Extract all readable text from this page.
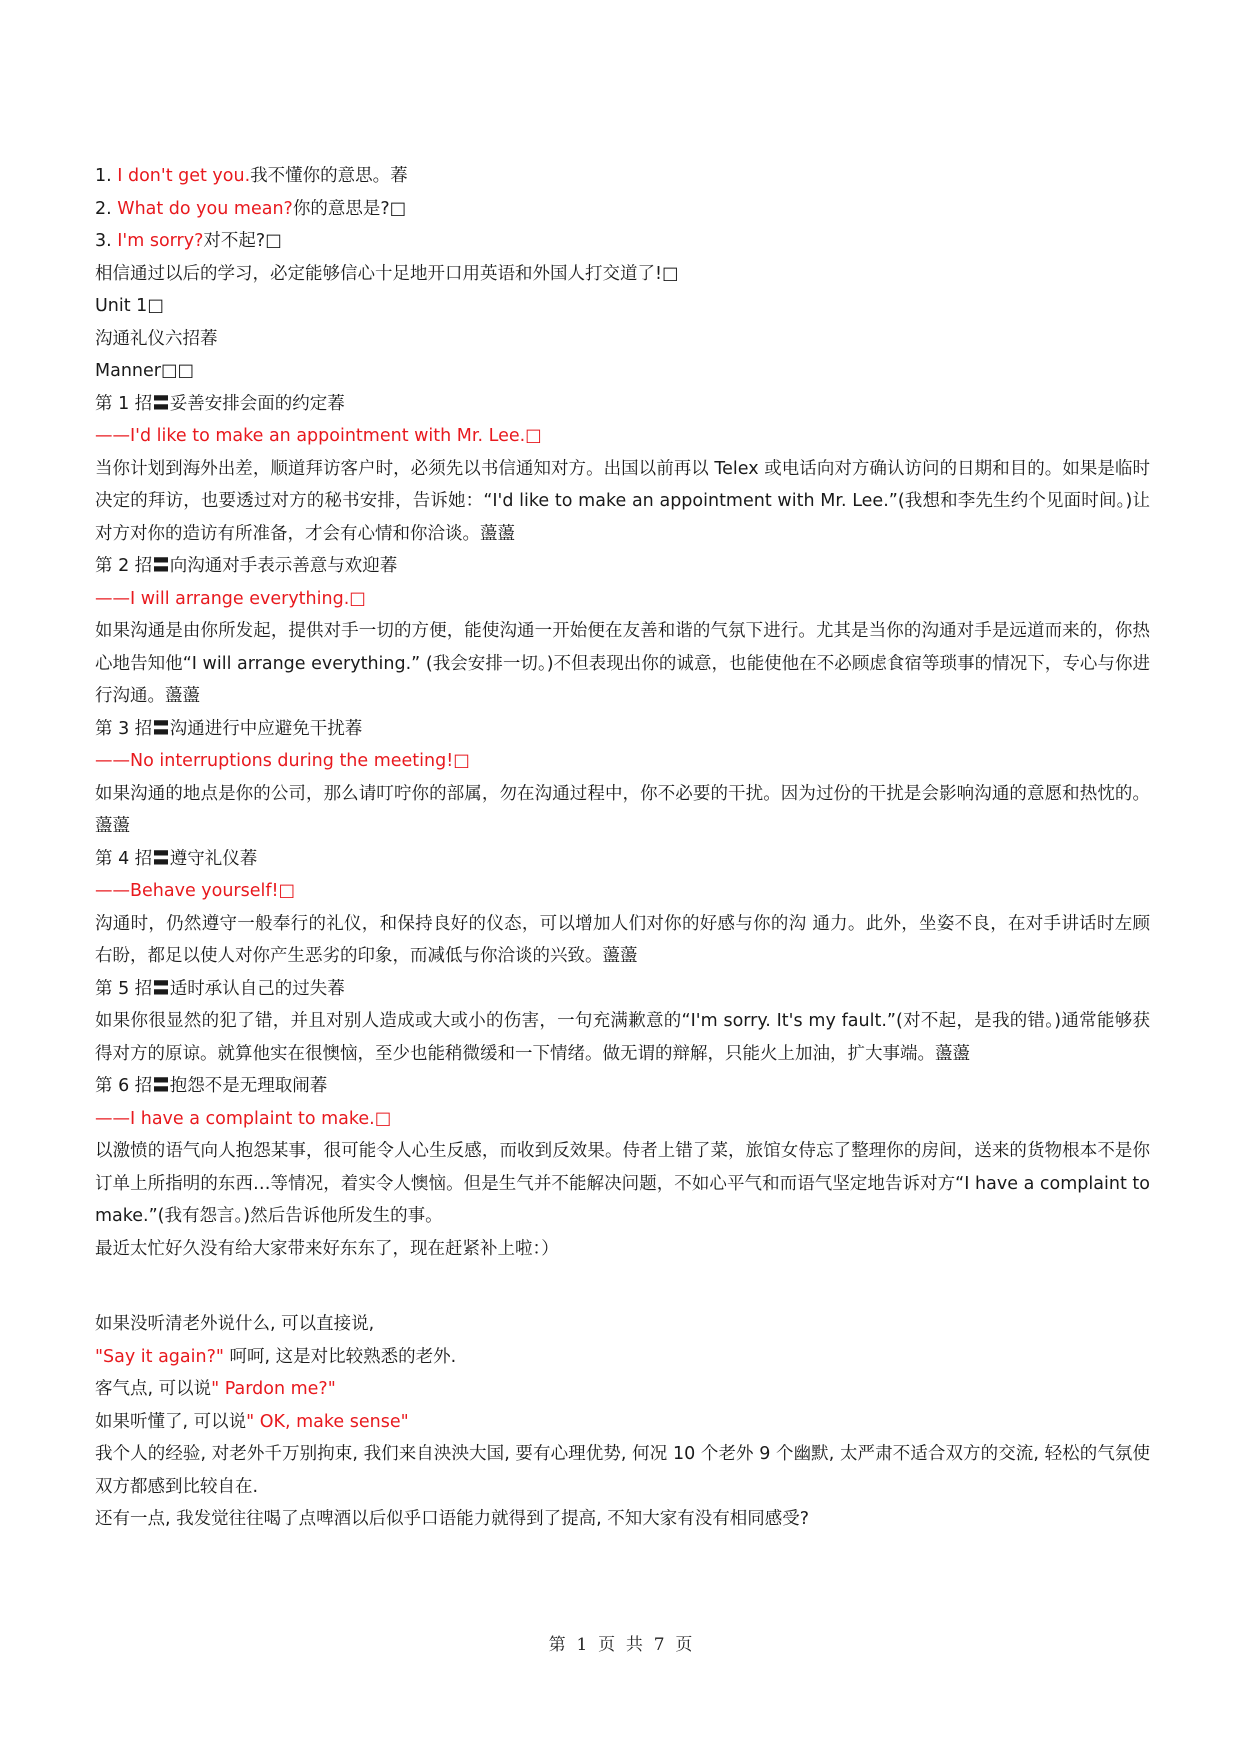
1. I don't get you.我不懂你的意思。萶
2. What do you mean?你的意思是?□
3. I'm sorry?对不起?□
相信通过以后的学习，必定能够信心十足地开口用英语和外国人打交道了!□
Unit 1□
沟通礼仪六招萶
Manner□□
第 1 招〓妥善安排会面的约定萶
——I'd like to make an appointment with Mr. Lee.□
当你计划到海外出差，顺道拜访客户时，必须先以书信通知对方。出国以前再以 Telex 或电话向对方确认访问的日期和目的。如果是临时决定的拜访，也要透过对方的秘书安排，告诉她：“I'd like to make an appointment with Mr. Lee.”(我想和李先生约个见面时间。)让对方对你的造访有所准备，才会有心情和你洽谈。蘯蘯
第 2 招〓向沟通对手表示善意与欢迎萶
——I will arrange everything.□
如果沟通是由你所发起，提供对手一切的方便，能使沟通一开始便在友善和谐的气氛下进行。尤其是当你的沟通对手是远道而来的，你热心地告知他“I will arrange everything.” (我会安排一切。)不但表现出你的诚意，也能使他在不必顾虑食宿等琐事的情况下，专心与你进行沟通。蘯蘯
第 3 招〓沟通进行中应避免干扰萶
——No interruptions during the meeting!□
如果沟通的地点是你的公司，那么请叮咛你的部属，勿在沟通过程中，你不必要的干扰。因为过份的干扰是会影响沟通的意愿和热忱的。蘯蘯
第 4 招〓遵守礼仪萶
——Behave yourself!□
沟通时，仍然遵守一般奉行的礼仪，和保持良好的仪态，可以增加人们对你的好感与你的沟 通力。此外，坐姿不良，在对手讲话时左顾右盼，都足以使人对你产生恶劣的印象，而减低与你洽谈的兴致。蘯蘯
第 5 招〓适时承认自己的过失萶
如果你很显然的犯了错，并且对别人造成或大或小的伤害，一句充满歉意的“I'm sorry. It's my fault.”(对不起，是我的错。)通常能够获得对方的原谅。就算他实在很懊恼，至少也能稍微缓和一下情绪。做无谓的辩解，只能火上加油，扩大事端。蘯蘯
第 6 招〓抱怨不是无理取闹萶
——I have a complaint to make.□
以激愤的语气向人抱怨某事，很可能令人心生反感，而收到反效果。侍者上错了菜，旅馆女侍忘了整理你的房间，送来的货物根本不是你订单上所指明的东西…等情况，着实令人懊恼。但是生气并不能解决问题，不如心平气和而语气坚定地告诉对方“I have a complaint to make.”(我有怨言。)然后告诉他所发生的事。
最近太忙好久没有给大家带来好东东了，现在赶紧补上啦：）
如果没听清老外说什么, 可以直接说,
"Say it again?" 呵呵, 这是对比较熟悉的老外.
客气点, 可以说" Pardon me?"
如果听懂了, 可以说" OK, make sense"
我个人的经验, 对老外千万别拘束, 我们来自泱泱大国, 要有心理优势, 何况 10 个老外 9 个幽默, 太严肃不适合双方的交流, 轻松的气氛使双方都感到比较自在.
还有一点, 我发觉往往喝了点啤酒以后似乎口语能力就得到了提高, 不知大家有没有相同感受?
第  1  页  共  7  页
